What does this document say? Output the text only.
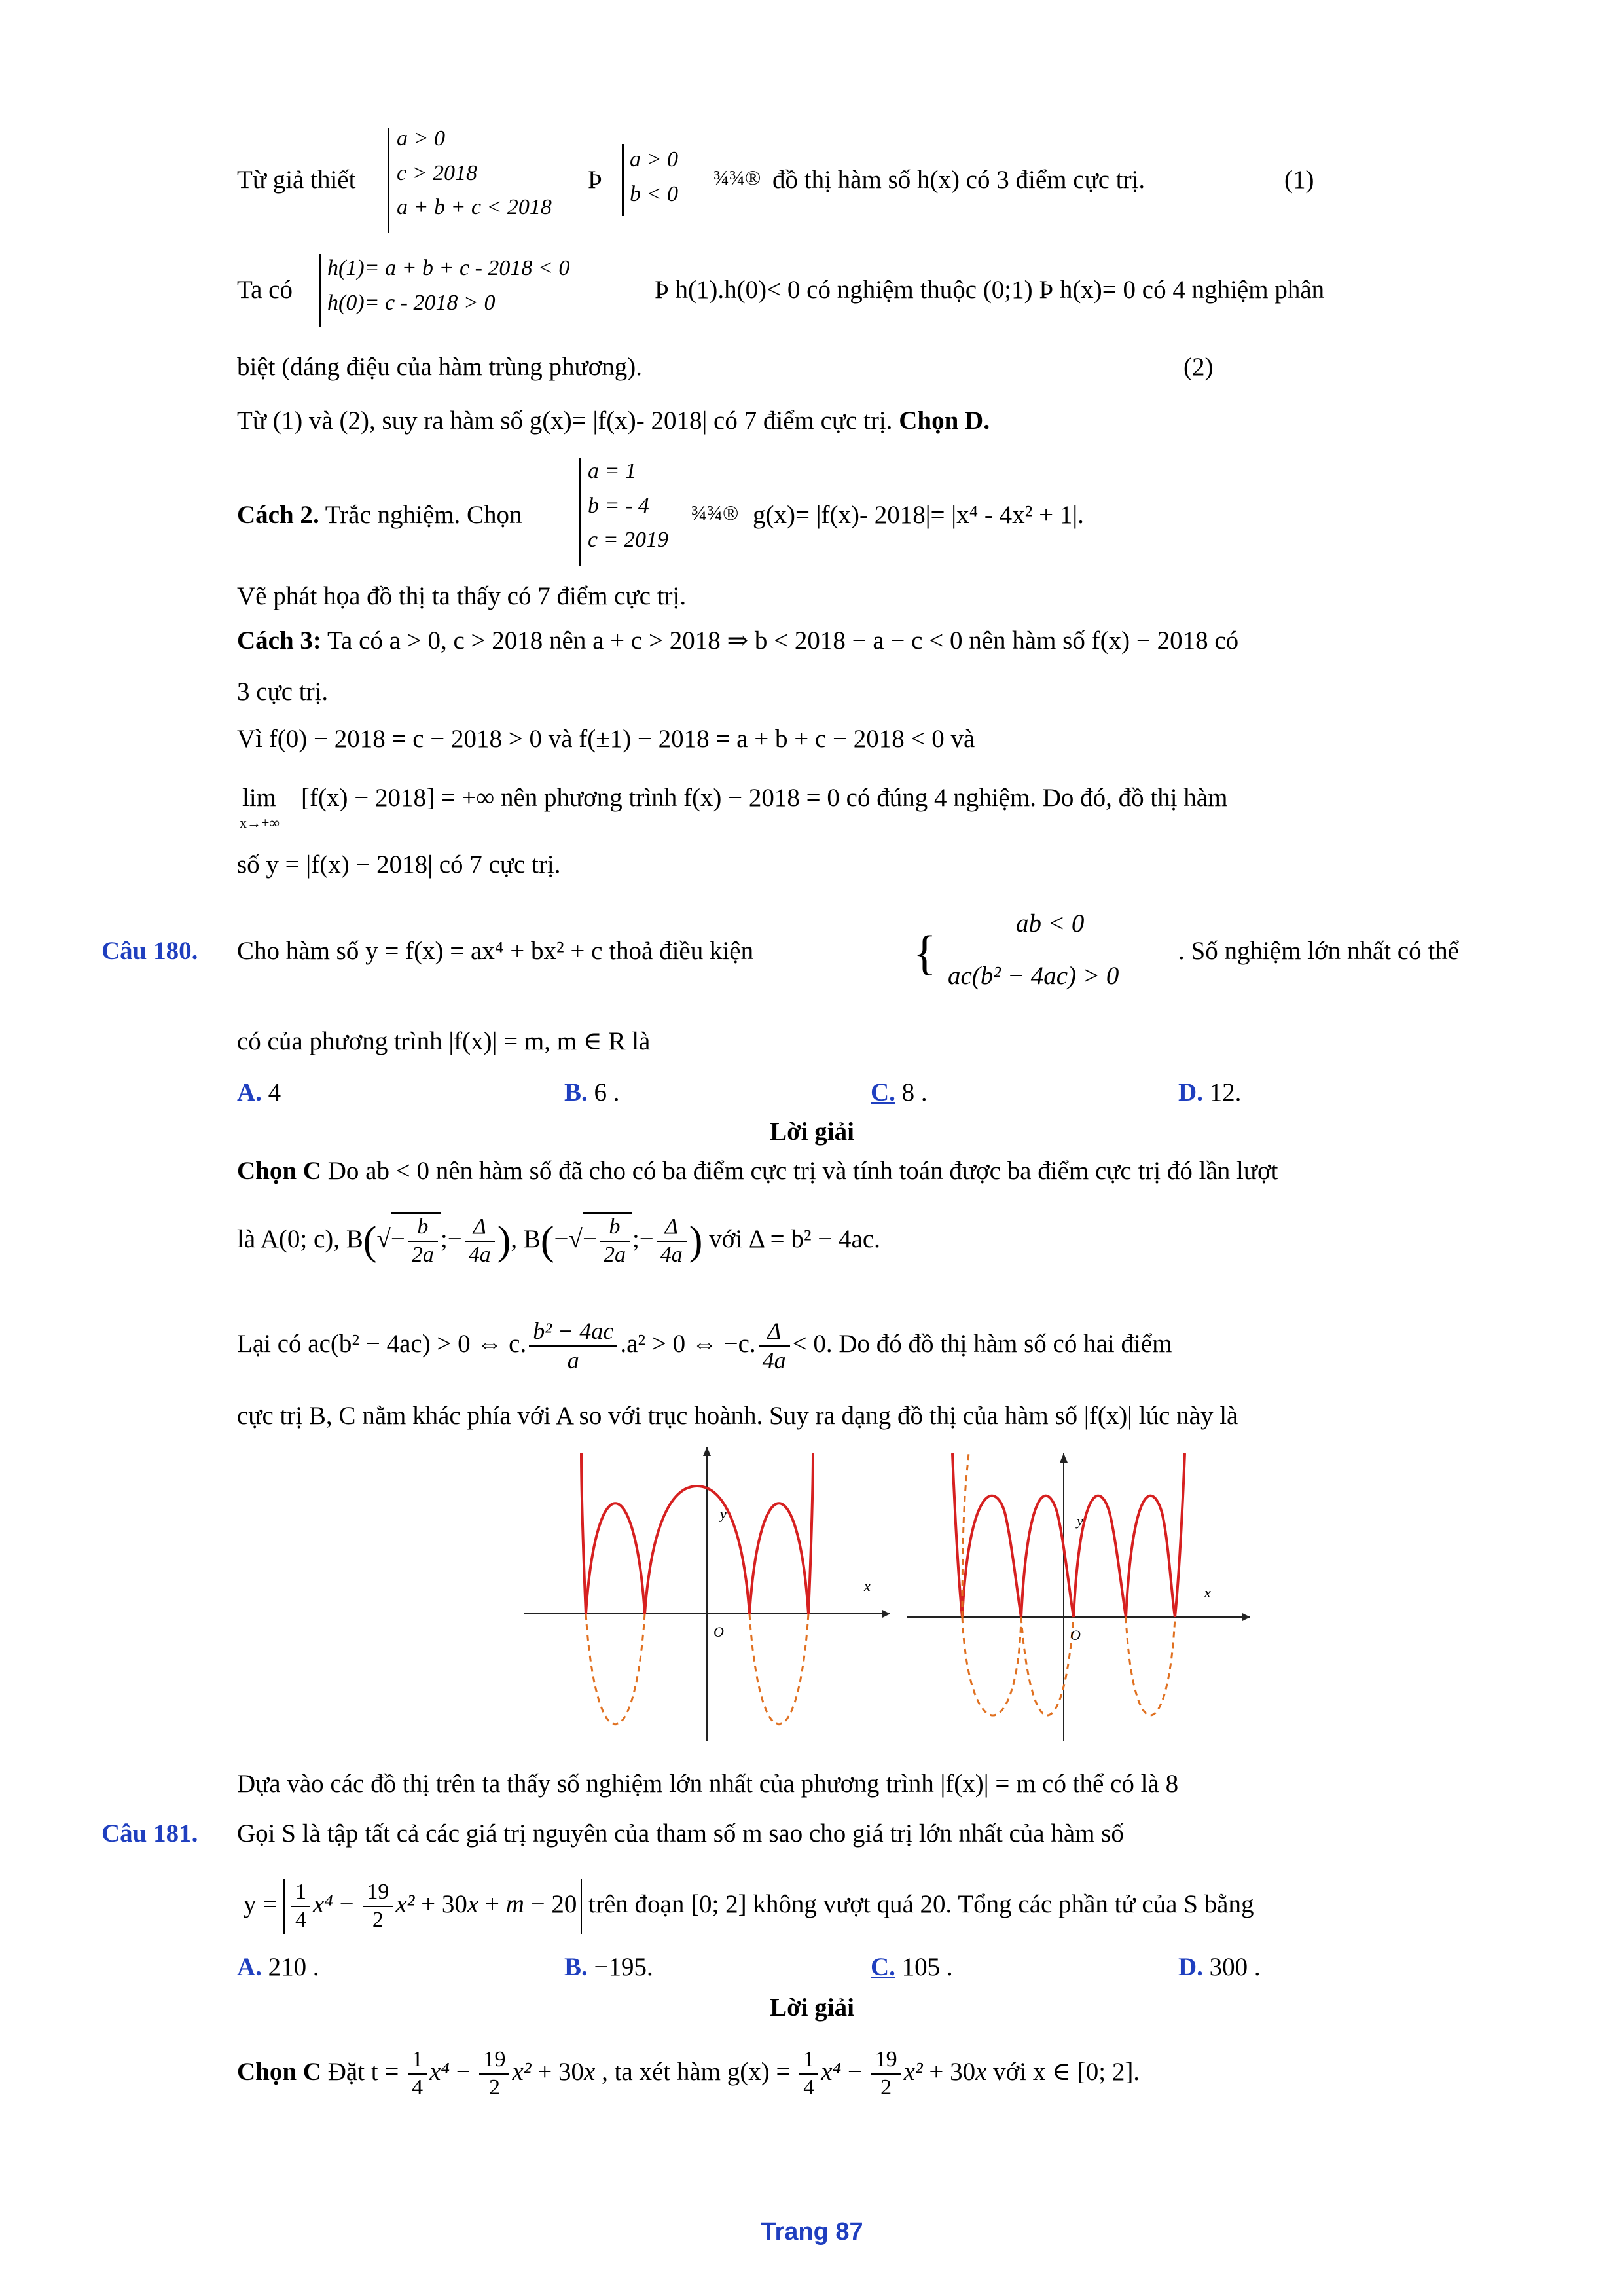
Từ giả thiết
a > 0
c > 2018
a + b + c < 2018
Þ
a > 0
b < 0
¾¾® đồ thị hàm số h(x) có 3 điểm cực trị.	(1)
Ta có
h(1)= a + b + c - 2018 < 0
h(0)= c - 2018 > 0	Þ h(1).h(0)< 0 có nghiệm thuộc (0;1) Þ h(x)= 0 có 4 nghiệm phân
biệt (dáng điệu của hàm trùng phương).	(2)
Từ (1) và (2), suy ra hàm số g(x)= |f(x)- 2018| có 7 điểm cực trị. Chọn D.
Cách 2. Trắc nghiệm. Chọn
a = 1
b = - 4
c = 2019
¾¾® g(x)= |f(x)- 2018|= |x⁴ - 4x² + 1|.
Vẽ phát họa đồ thị ta thấy có 7 điểm cực trị.
Cách 3: Ta có a > 0, c > 2018 nên a + c > 2018 ⇒ b < 2018 − a − c < 0 nên hàm số f(x) − 2018 có
3 cực trị.
Vì f(0) − 2018 = c − 2018 > 0 và f(±1) − 2018 = a + b + c − 2018 < 0 và
lim
x→+∞
[f(x) − 2018] = +∞ nên phương trình f(x) − 2018 = 0 có đúng 4 nghiệm. Do đó, đồ thị hàm
số y = |f(x) − 2018| có 7 cực trị.
Câu 180. Cho hàm số y = f(x) = ax⁴ + bx² + c thoả điều kiện	{
ab < 0
ac(b² − 4ac) > 0
. Số nghiệm lớn nhất có thể
có của phương trình |f(x)| = m, m ∈ R là
A. 4	B. 6 .	C. 8 .	D. 12.
Lời giải
Chọn C Do ab < 0 nên hàm số đã cho có ba điểm cực trị và tính toán được ba điểm cực trị đó lần lượt
là A(0; c), $B(√- \frac{b}{2a}$ ;− $\frac{\Delta}{4a}$ ), $B(-√- \frac{b}{2a}$ ;− $\frac{\Delta}{4a}$ ) với Δ = b² − 4ac.
Lại có ac(b² − 4ac) > 0 ⇔ c. $\frac{\text{b² − 4ac}}{a} .a^2 > 0$ ⇔ −c. $\frac{\Delta}{4a} < 0$. Do đó đồ thị hàm số có hai điểm
cực trị B, C nằm khác phía với A so với trục hoành. Suy ra dạng đồ thị của hàm số |f(x)| lúc này là
x
y
O
x
y
O
Dựa vào các đồ thị trên ta thấy số nghiệm lớn nhất của phương trình |f(x)| = m có thể có là 8
Câu 181. Gọi S là tập tất cả các giá trị nguyên của tham số m sao cho giá trị lớn nhất của hàm số
$y = \frac{1}{4} x^4 - \frac{19}{2} x^2 + 30x + m - 20$ trên đoạn [0; 2] không vượt quá 20. Tổng các phần tử của S bằng
A. 210 .	B. −195.	C. 105 .	D. 300 .
Lời giải
Chọn C Đặt $t = \frac{1}{4} x^4 - \frac{19}{2} x^2 + 30x$ , ta xét hàm $g(x) = \frac{1}{4} x^4 - \frac{19}{2} x^2 + 30x$ với x ∈ [0; 2].
Trang 87
